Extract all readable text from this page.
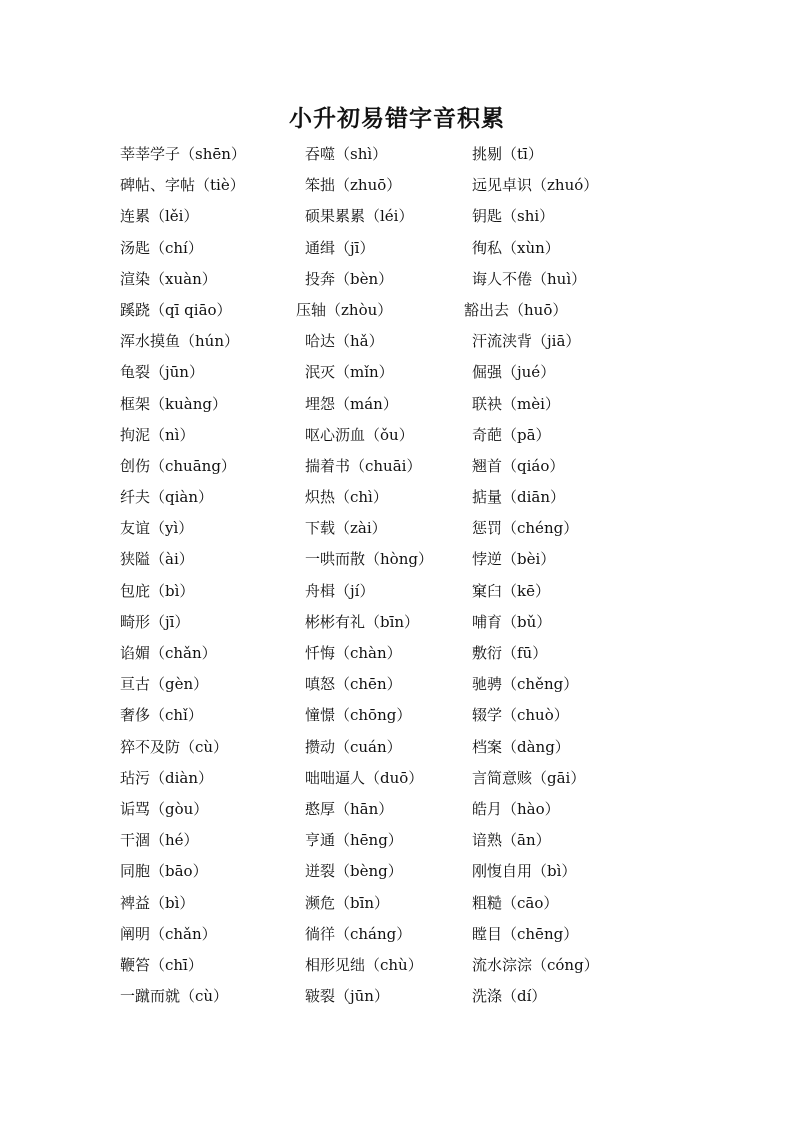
小升初易错字音积累
莘莘学子（shēn）	吞噬（shì）	挑剔（tī）
碑帖、字帖（tiè）	笨拙（zhuō）	远见卓识（zhuó）
连累（lěi）	硕果累累（léi）	钥匙（shi）
汤匙（chí）	通缉（jī）	徇私（xùn）
渲染（xuàn）	投奔（bèn）	诲人不倦（huì）
蹊跷（qī qiāo）	压轴（zhòu）	豁出去（huō）
浑水摸鱼（hún）	哈达（hǎ）	汗流浃背（jiā）
龟裂（jūn）	泯灭（mǐn）	倔强（jué）
框架（kuàng）	埋怨（mán）	联袂（mèi）
拘泥（nì）	呕心沥血（ǒu）	奇葩（pā）
创伤（chuāng）	揣着书（chuāi）	翘首（qiáo）
纤夫（qiàn）	炽热（chì）	掂量（diān）
友谊（yì）	下载（zài）	惩罚（chéng）
狭隘（ài）	一哄而散（hòng）	悖逆（bèi）
包庇（bì）	舟楫（jí）	窠臼（kē）
畸形（jī）	彬彬有礼（bīn）	哺育（bǔ）
谄媚（chǎn）	忏悔（chàn）	敷衍（fū）
亘古（gèn）	嗔怒（chēn）	驰骋（chěng）
奢侈（chǐ）	憧憬（chōng）	辍学（chuò）
猝不及防（cù）	攒动（cuán）	档案（dàng）
玷污（diàn）	咄咄逼人（duō）	言简意赅（gāi）
诟骂（gòu）	憨厚（hān）	皓月（hào）
干涸（hé）	亨通（hēng）	谙熟（ān）
同胞（bāo）	迸裂（bèng）	刚愎自用（bì）
裨益（bì）	濒危（bīn）	粗糙（cāo）
阐明（chǎn）	徜徉（cháng）	瞠目（chēng）
鞭笞（chī）	相形见绌（chù）	流水淙淙（cóng）
一蹴而就（cù）	皲裂（jūn）	洗涤（dí）
